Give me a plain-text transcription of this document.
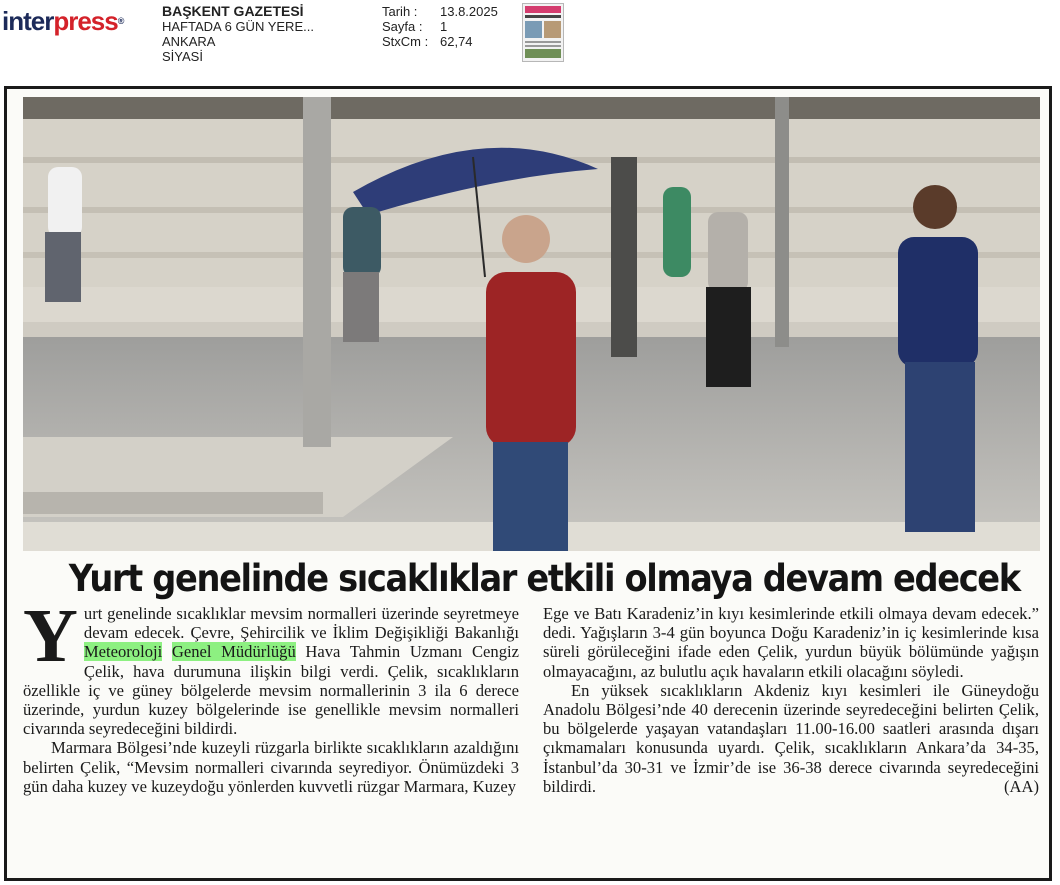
interpress®
BAŞKENT GAZETESİ
HAFTADA 6 GÜN YERE...
ANKARA
SİYASİ
Tarih :	13.8.2025
Sayfa :	1
StxCm : 62,74
Yurt genelinde sıcaklıklar etkili olmaya devam edecek

Yurt genelinde sıcaklıklar mevsim normalleri üzerinde seyretmeye devam edecek. Çevre, Şehircilik ve İklim Değişikliği Bakanlığı Meteoroloji Genel Müdürlüğü Hava Tahmin Uzmanı Cengiz Çelik, hava durumuna ilişkin bilgi verdi. Çelik, sıcaklıkların özellikle iç ve güney bölgelerde mevsim normallerinin 3 ila 6 derece üzerinde, yurdun kuzey bölgelerinde ise genellikle mevsim normalleri civarında seyredeceğini bildirdi.

Marmara Bölgesi’nde kuzeyli rüzgarla birlikte sıcaklıkların azaldığını belirten Çelik, “Mevsim normalleri civarında seyrediyor. Önümüzdeki 3 gün daha kuzey ve kuzeydoğu yönlerden kuvvetli rüzgar Marmara, Kuzey

Ege ve Batı Karadeniz’in kıyı kesimlerinde etkili olmaya devam edecek.” dedi. Yağışların 3-4 gün boyunca Doğu Karadeniz’in iç kesimlerinde kısa süreli görüleceğini ifade eden Çelik, yurdun büyük bölümünde yağışın olmayacağını, az bulutlu açık havaların etkili olacağını söyledi.

En yüksek sıcaklıkların Akdeniz kıyı kesimleri ile Güneydoğu Anadolu Bölgesi’nde 40 derecenin üzerinde seyredeceğini belirten Çelik, bu bölgelerde yaşayan vatandaşları 11.00-16.00 saatleri arasında dışarı çıkmamaları konusunda uyardı. Çelik, sıcaklıkların Ankara’da 34-35, İstanbul’da 30-31 ve İzmir’de ise 36-38 derece civarında seyredeceğini bildirdi.	(AA)
